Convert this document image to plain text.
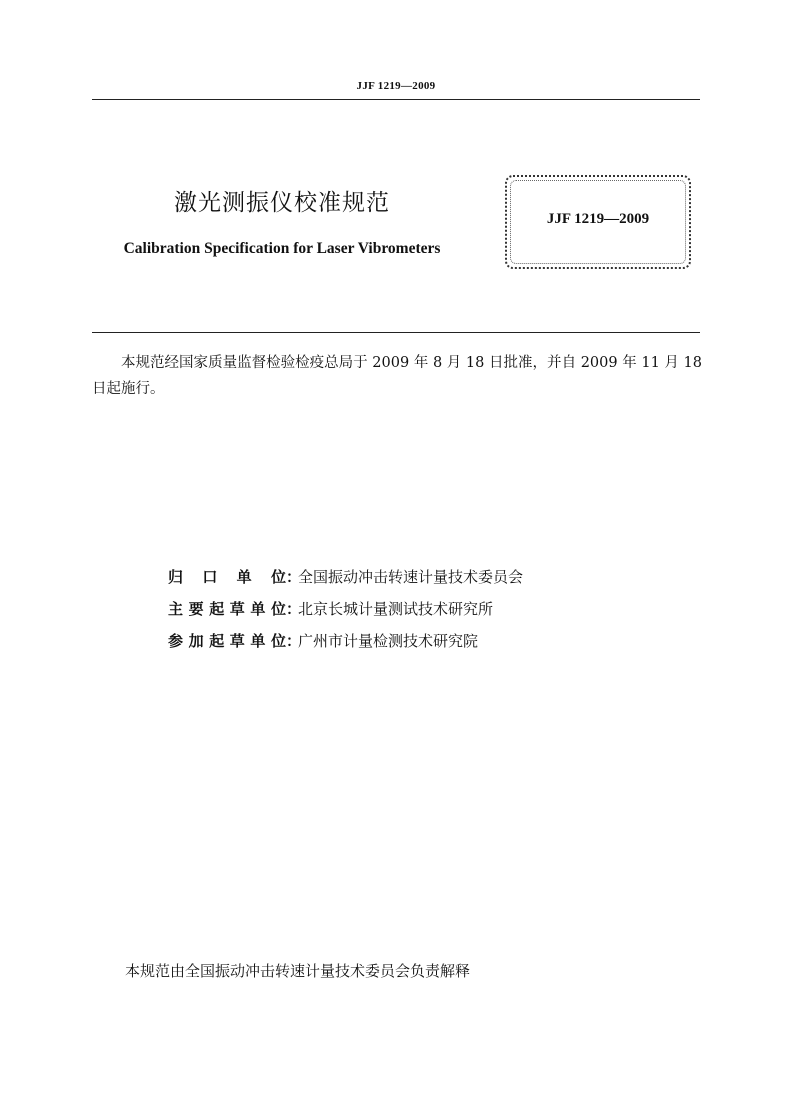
JJF 1219—2009
激光测振仪校准规范
Calibration Specification for Laser Vibrometers
JJF 1219—2009
本规范经国家质量监督检验检疫总局于 2009 年 8 月 18 日批准，并自 2009 年 11 月 18 日起施行。
归口单位 ：
全国振动冲击转速计量技术委员会
主要起草单位 ：
北京长城计量测试技术研究所
参加起草单位 ：
广州市计量检测技术研究院
本规范由全国振动冲击转速计量技术委员会负责解释
